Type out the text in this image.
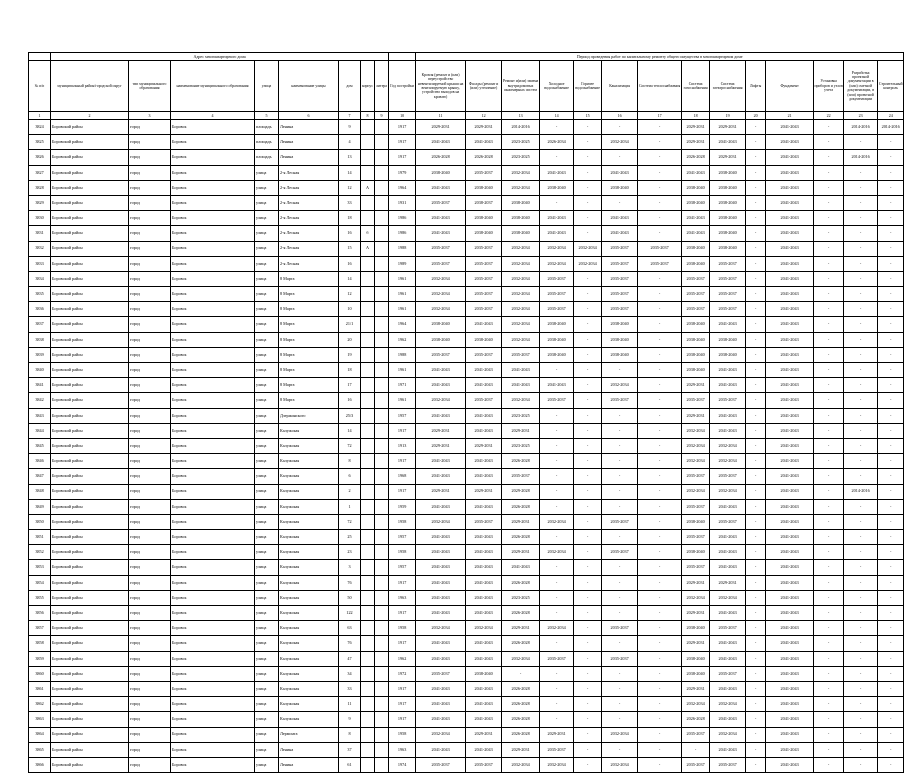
	Адрес многоквартирного дома									Период проведения работ по капитальному ремонту общего имущества в многоквартирном доме													
№ п/п	муниципальный район/городской округ	тип муниципального образования	наименование муниципального образования	улица	наименование улицы	дом	корпус	литера	Год постройки	Кровля (ремонт и (или) переустройство невентилируемой крыши на вентилируемую крышу, устройство выходов на кровлю)	Фасады (ремонт и (или) утепление)	Ремонт и(или) замена внутридомовых инженерных систем	Холодное водоснабжение	Горячее водоснабжение	Канализация	Система теплоснабжения	Система газоснабжения	Система электроснабжения	Лифты	Фундамент	Установка приборов и узлов учета	Разработка проектной документации в (или) сметной документации, в (или) проектной документации	Строительный контроль
1	2	3	4	5	6	7	8	9	10	11	12	13	14	15	16	17	18	19	20	21	22	23	24
3824	Боровский район	город	Боровск	площадь	Ленина	9			1917	2029-2031	2029-2031	2014-2016	-	-	-	-	2029-2031	2029-2031	-	2041-2043	-	2014-2016	2014-2016
3825	Боровский район	город	Боровск	площадь	Ленина	4			1917	2041-2043	2041-2043	2023-2025	2026-2034	-	2032-2034	-	2029-2031	2041-2043	-	2041-2043	-	-	-
3826	Боровский район	город	Боровск	площадь	Ленина	13			1917	2026-2028	2026-2028	2023-2025	-	-	-	-	2026-2028	2029-2031	-	2041-2043	-	2014-2016	-
3827	Боровский район	город	Боровск	улица	2-я Лесная	14			1979	2038-2040	2035-2037	2032-2034	2041-2043	-	2041-2043	-	2041-2043	2038-2040	-	2041-2043	-	-	-
3828	Боровский район	город	Боровск	улица	2-я Лесная	12	А		1964	2041-2043	2038-2040	2032-2034	2038-2040	-	2038-2040	-	2038-2040	2038-2040	-	2041-2043	-	-	-
3829	Боровский район	город	Боровск	улица	2-я Лесная	33			1931	2035-2037	2038-2037	2038-2040	-	-	-	-	2038-2040	2038-2040	-	2041-2043	-	-	-
3830	Боровский район	город	Боровск	улица	2-я Лесная	18			1986	2041-2043	2038-2040	2038-2040	2041-2043	-	2041-2043	-	2041-2043	2038-2040	-	2041-2043	-	-	-
3831	Боровский район	город	Боровск	улица	2-я Лесная	16	б		1986	2041-2043	2038-2040	2038-2040	2041-2043	-	2041-2043	-	2041-2043	2038-2040	-	2041-2043	-	-	-
3832	Боровский район	город	Боровск	улица	2-я Лесная	15	А		1988	2035-2037	2035-2037	2032-2034	2032-2034	2032-2034	2035-2037	2035-2037	2038-2040	2038-2040	-	2041-2043	-	-	-
3833	Боровский район	город	Боровск	улица	2-я Лесная	16			1989	2035-2037	2035-2037	2032-2034	2032-2034	2032-2034	2035-2037	2035-2037	2038-2040	2035-2037	-	2041-2043	-	-	-
3834	Боровский район	город	Боровск	улица	8 Марта	14			1961	2032-2034	2035-2037	2032-2034	2035-2037	-	2035-2037	-	2035-2037	2035-2037	-	2041-2043	-	-	-
3835	Боровский район	город	Боровск	улица	8 Марта	12			1961	2032-2034	2035-2037	2032-2034	2035-2037	-	2035-2037	-	2035-2037	2035-2037	-	2041-2043	-	-	-
3836	Боровский район	город	Боровск	улица	8 Марта	10			1961	2032-2034	2035-2037	2032-2034	2035-2037	-	2035-2037	-	2035-2037	2035-2037	-	2041-2043	-	-	-
3837	Боровский район	город	Боровск	улица	8 Марта	21/1			1964	2038-2040	2041-2043	2032-2034	2038-2040	-	2038-2040	-	2038-2040	2041-2043	-	2041-2043	-	-	-
3838	Боровский район	город	Боровск	улица	8 Марта	20			1962	2038-2040	2038-2040	2032-2034	2038-2040	-	2038-2040	-	2038-2040	2038-2040	-	2041-2043	-	-	-
3839	Боровский район	город	Боровск	улица	8 Марта	19			1988	2035-2037	2035-2037	2035-2037	2038-2040	-	2038-2040	-	2038-2040	2038-2040	-	2041-2043	-	-	-
3840	Боровский район	город	Боровск	улица	8 Марта	18			1961	2041-2043	2041-2043	2041-2043	-	-	-	-	2038-2040	2041-2043	-	2041-2043	-	-	-
3841	Боровский район	город	Боровск	улица	8 Марта	17			1971	2041-2043	2041-2043	2041-2043	2041-2043	-	2032-2034	-	2029-2031	2041-2043	-	2041-2043	-	-	-
3842	Боровский район	город	Боровск	улица	8 Марта	16			1961	2032-2034	2035-2037	2032-2034	2035-2037	-	2035-2037	-	2035-2037	2035-2037	-	2041-2043	-	-	-
3843	Боровский район	город	Боровск	улица	Дзержинского	25/3			1957	2041-2043	2041-2043	2023-2025	-	-	-	-	2029-2031	2041-2043	-	2041-2043	-	-	-
3844	Боровский район	город	Боровск	улица	Калужская	14			1917	2029-2031	2041-2043	2029-2031	-	-	-	-	2032-2034	2041-2043	-	2041-2043	-	-	-
3845	Боровский район	город	Боровск	улица	Калужская	72			1913	2029-2031	2029-2031	2023-2025	-	-	-	-	2032-2034	2032-2034	-	2041-2043	-	-	-
3846	Боровский район	город	Боровск	улица	Калужская	8			1917	2041-2043	2041-2043	2026-2028	-	-	-	-	2032-2034	2032-2034	-	2041-2043	-	-	-
3847	Боровский район	город	Боровск	улица	Калужская	6			1968	2041-2043	2041-2043	2035-2037	-	-	-	-	2035-2037	2035-2037	-	2041-2043	-	-	-
3848	Боровский район	город	Боровск	улица	Калужская	2			1917	2029-2031	2029-2031	2029-2028	-	-	-	-	2032-2034	2032-2034	-	2041-2043	-	2014-2016	-
3849	Боровский район	город	Боровск	улица	Калужская	1			1959	2041-2043	2041-2043	2026-2028	-	-	-	-	2035-2037	2041-2043	-	2041-2043	-	-	-
3850	Боровский район	город	Боровск	улица	Калужская	72			1958	2032-2034	2035-2037	2029-2031	2032-2034	-	2035-2037	-	2038-2040	2035-2037	-	2041-2043	-	-	-
3851	Боровский район	город	Боровск	улица	Калужская	25			1957	2041-2043	2041-2043	2026-2028	-	-	-	-	2035-2037	2041-2043	-	2041-2043	-	-	-
3852	Боровский район	город	Боровск	улица	Калужская	23			1958	2041-2043	2041-2043	2029-2031	2032-2034	-	2035-2037	-	2038-2040	2041-2043	-	2041-2043	-	-	-
3853	Боровский район	город	Боровск	улица	Калужская	3			1957	2041-2043	2041-2043	2041-2043	-	-	-	-	2035-2037	2041-2043	-	2041-2043	-	-	-
3854	Боровский район	город	Боровск	улица	Калужская	76			1917	2041-2043	2041-2043	2026-2028	-	-	-	-	2029-2031	2029-2031	-	2041-2043	-	-	-
3855	Боровский район	город	Боровск	улица	Калужская	50			1963	2041-2043	2041-2043	2023-2025	-	-	-	-	2032-2034	2032-2034	-	2041-2043	-	-	-
3856	Боровский район	город	Боровск	улица	Калужская	122			1917	2041-2043	2041-2043	2026-2028	-	-	-	-	2029-2031	2041-2043	-	2041-2043	-	-	-
3857	Боровский район	город	Боровск	улица	Калужская	63			1958	2032-2034	2032-2034	2029-2031	2032-2034	-	2035-2037	-	2038-2040	2035-2037	-	2041-2043	-	-	-
3858	Боровский район	город	Боровск	улица	Калужская	76			1917	2041-2043	2041-2043	2026-2028	-	-	-	-	2029-2031	2041-2043	-	2041-2043	-	-	-
3859	Боровский район	город	Боровск	улица	Калужская	47			1962	2041-2043	2041-2043	2032-2034	2035-2037	-	2035-2037	-	2038-2040	2041-2043	-	2041-2043	-	-	-
3860	Боровский район	город	Боровск	улица	Калужская	34			1972	2035-2037	2038-2040	-	-	-	-	-	2038-2040	2035-2037	-	2041-2043	-	-	-
3861	Боровский район	город	Боровск	улица	Калужская	33			1917	2041-2043	2041-2043	2026-2028	-	-	-	-	2029-2031	2041-2043	-	2041-2043	-	-	-
3862	Боровский район	город	Боровск	улица	Калужская	11			1917	2041-2043	2041-2043	2026-2028	-	-	-	-	2032-2034	2032-2034	-	2041-2043	-	-	-
3863	Боровский район	город	Боровск	улица	Калужская	9			1917	2041-2043	2041-2043	2026-2028	-	-	-	-	2026-2028	2041-2043	-	2041-2043	-	-	-
3864	Боровский район	город	Боровск	улица	Лермонта	8			1958	2032-2034	2029-2031	2026-2028	2029-2031	-	2032-2034	-	2035-2037	2032-2034	-	2041-2043	-	-	-
3865	Боровский район	город	Боровск	улица	Ленина	37			1963	2041-2043	2041-2043	2029-2031	2035-2037	-	-	-	-	2041-2043	-	2041-2043	-	-	-
3866	Боровский район	город	Боровск	улица	Ленина	61			1974	2035-2037	2035-2037	2032-2034	2032-2034	-	2032-2034	-	2035-2037	2035-2037	-	2041-2043	-	-	-
